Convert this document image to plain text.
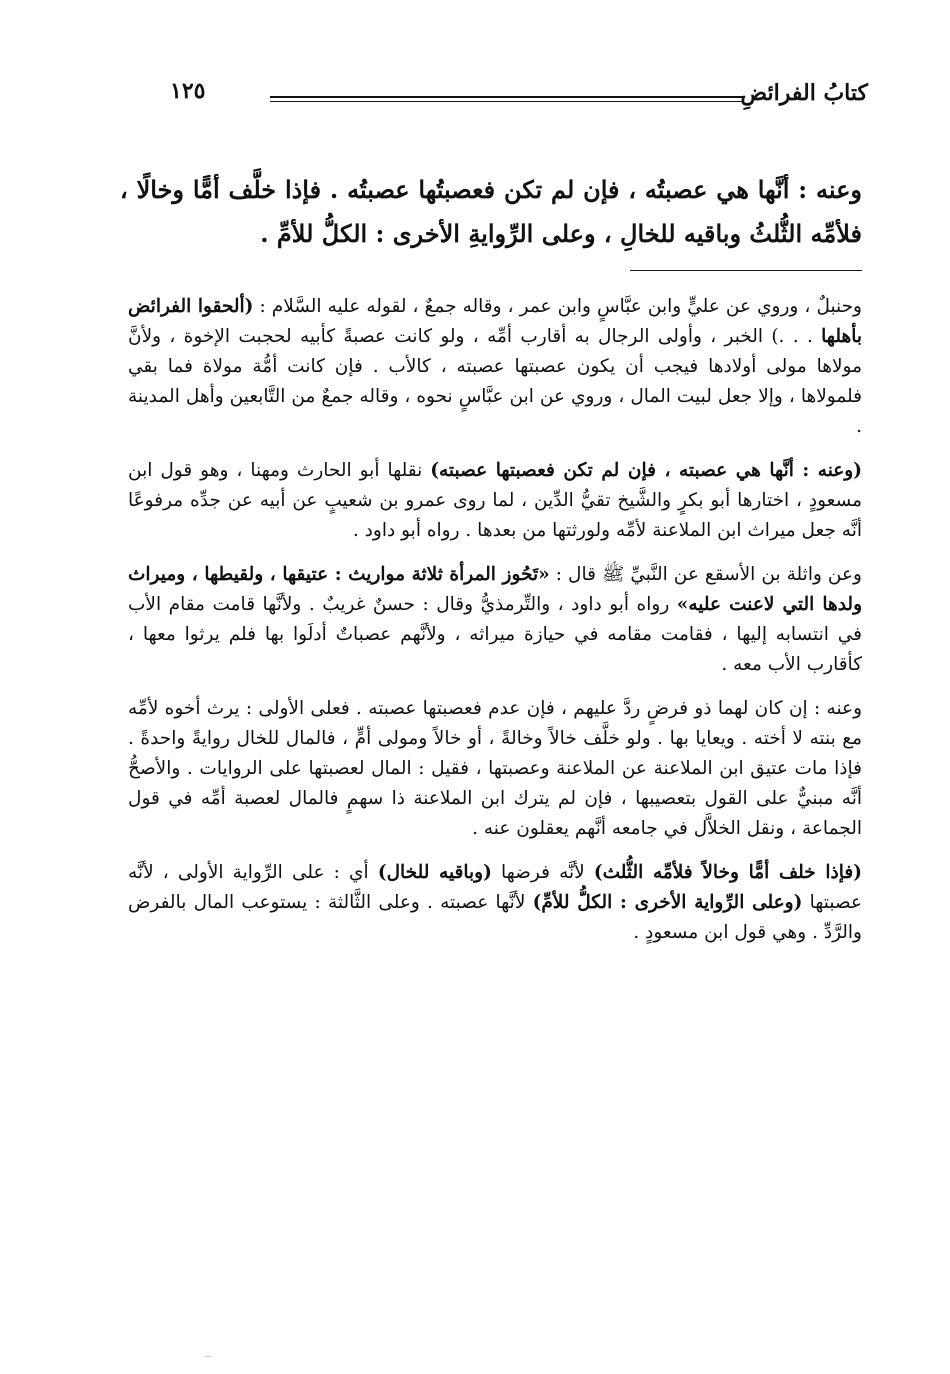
كتابُ الفرائضِ
١٢٥

وعنه : أنَّها هي عصبتُه ، فإن لم تكن فعصبتُها عصبتُه . فإذا خلَّف أمًّا وخالًا ، فلأمِّه الثُّلثُ وباقيه للخالِ ، وعلى الرِّوايةِ الأخرى : الكلُّ للأمِّ .

وحنبلٌ ، وروي عن عليٍّ وابن عبَّاسٍ وابن عمر ، وقاله جمعٌ ، لقوله عليه السَّلام : (ألحقوا الفرائض بأهلها . . .) الخبر ، وأولى الرجال به أقارب أمِّه ، ولو كانت عصبةً كأبيه لحجبت الإخوة ، ولأنَّ مولاها مولى أولادها فيجب أن يكون عصبتها عصبته ، كالأب . فإن كانت أمُّة مولاة فما بقي فلمولاها ، وإلا جعل لبيت المال ، وروي عن ابن عبَّاسٍ نحوه ، وقاله جمعٌ من التَّابعين وأهل المدينة .

(وعنه : أنَّها هي عصبته ، فإن لم تكن فعصبتها عصبته) نقلها أبو الحارث ومهنا ، وهو قول ابن مسعودٍ ، اختارها أبو بكرٍ والشَّيخ تقيُّ الدِّين ، لما روى عمرو بن شعيبٍ عن أبيه عن جدِّه مرفوعًا أنَّه جعل ميراث ابن الملاعنة لأمِّه ولورثتها من بعدها . رواه أبو داود .

وعن واثلة بن الأسقع عن النَّبيِّ ﷺ قال : «تَحُوز المرأة ثلاثة مواريث : عتيقها ، ولقيطها ، وميراث ولدها التي لاعنت عليه» رواه أبو داود ، والتِّرمذيُّ وقال : حسنٌ غريبٌ . ولأنَّها قامت مقام الأب في انتسابه إليها ، فقامت مقامه في حيازة ميراثه ، ولأنَّهم عصباتٌ أدلَوا بها فلم يرثوا معها ، كأقارب الأب معه .

وعنه : إن كان لهما ذو فرضٍ ردَّ عليهم ، فإن عدم فعصبتها عصبته . فعلى الأولى : يرث أخوه لأمِّه مع بنته لا أخته . ويعايا بها . ولو خلَّف خالاً وخالةً ، أو خالاً ومولى أمٍّ ، فالمال للخال روايةً واحدةً . فإذا مات عتيق ابن الملاعنة عن الملاعنة وعصبتها ، فقيل : المال لعصبتها على الروايات . والأصحُّ أنَّه مبنيٌّ على القول بتعصيبها ، فإن لم يترك ابن الملاعنة ذا سهمٍ فالمال لعصبة أمِّه في قول الجماعة ، ونقل الخلاَّل في جامعه أنَّهم يعقلون عنه .

(فإذا خلف أمًّا وخالاً فلأمِّه الثُّلث) لأنَّه فرضها (وباقيه للخال) أي : على الرِّواية الأولى ، لأنَّه عصبتها (وعلى الرِّواية الأخرى : الكلُّ للأمِّ) لأنَّها عصبته . وعلى الثَّالثة : يستوعب المال بالفرض والرَّدِّ . وهي قول ابن مسعودٍ .
